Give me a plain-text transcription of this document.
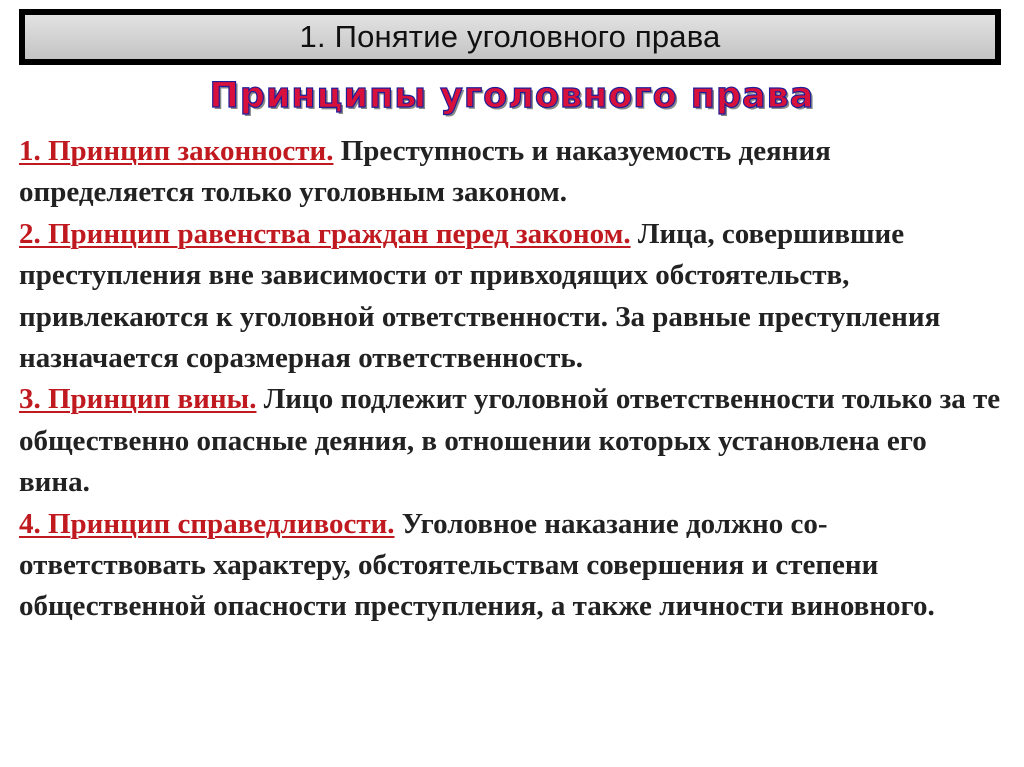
1. Понятие уголовного права
Принципы уголовного права

1. Принцип законности. Преступность и наказуемость деяния определяется только уголовным законом.

2. Принцип равенства граждан перед законом. Лица, совершившие преступления вне зависимости от привходящих обстоятельств, привлекаются к уголовной ответственности. За равные преступления назначается соразмерная ответственность.

3. Принцип вины. Лицо подлежит уголовной ответственности только за те общественно опасные деяния, в отношении которых установлена его вина.

4. Принцип справедливости. Уголовное наказание должно со-ответствовать характеру, обстоятельствам совершения и степени общественной опасности преступления, а также личности виновного.
